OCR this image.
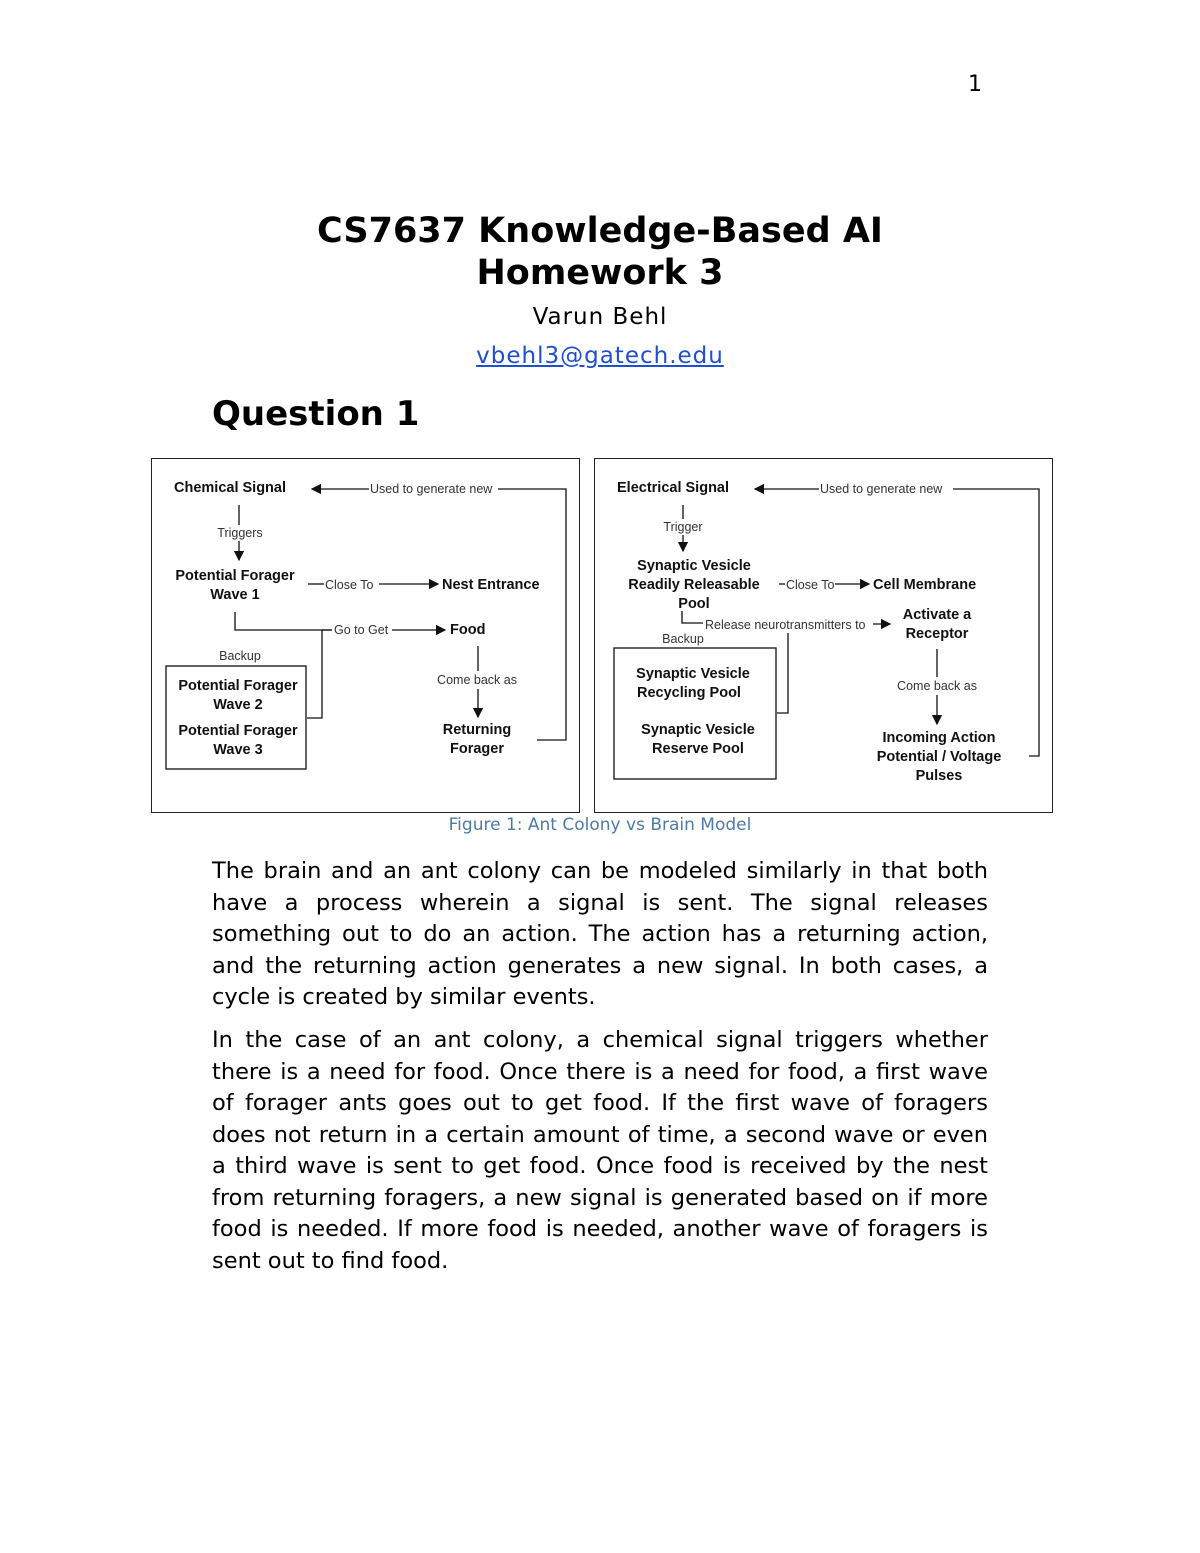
1
CS7637 Knowledge-Based AI Homework 3
Varun Behl
vbehl3@gatech.edu
Question 1
Chemical Signal	Used to generate new
Triggers
Potential Forager
Wave 1
Close To	Nest Entrance
Go to Get	Food
Backup
Potential Forager
Wave 2
Potential Forager
Wave 3
Come back as
Returning
Forager
Electrical Signal	Used to generate new
Trigger
Synaptic Vesicle
Readily Releasable
Pool
Close To	Cell Membrane
Release neurotransmitters to
Backup
Activate a
Receptor
Synaptic Vesicle
Recycling Pool
Synaptic Vesicle
Reserve Pool
Come back as
Incoming Action
Potential / Voltage
Pulses
Figure 1: Ant Colony vs Brain Model

The brain and an ant colony can be modeled similarly in that both have a process wherein a signal is sent. The signal releases something out to do an action. The action has a returning action, and the returning action generates a new signal. In both cases, a cycle is created by similar events.

In the case of an ant colony, a chemical signal triggers whether there is a need for food. Once there is a need for food, a first wave of forager ants goes out to get food. If the first wave of foragers does not return in a certain amount of time, a second wave or even a third wave is sent to get food. Once food is received by the nest from returning foragers, a new signal is generated based on if more food is needed. If more food is needed, another wave of foragers is sent out to find food.
